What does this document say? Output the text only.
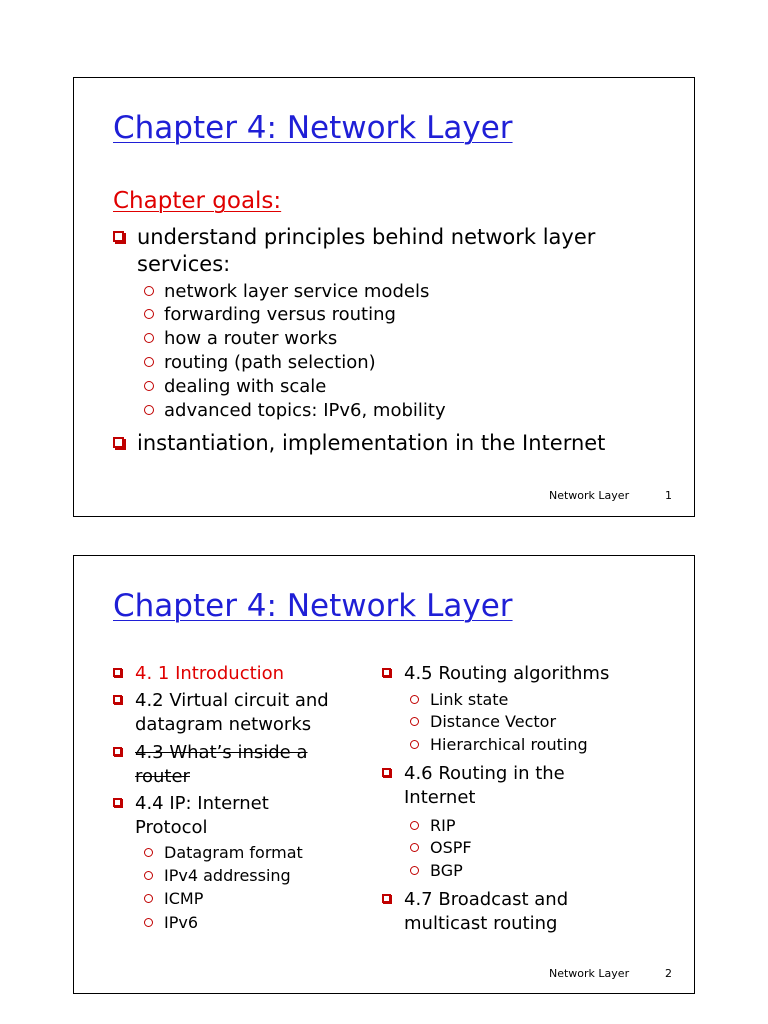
Chapter 4: Network Layer
Chapter goals:
understand principles behind network layer services:
network layer service models
forwarding versus routing
how a router works
routing (path selection)
dealing with scale
advanced topics: IPv6, mobility
instantiation, implementation in the Internet
Network Layer	1
Chapter 4: Network Layer
4. 1 Introduction
4.2 Virtual circuit and datagram networks
4.3 What’s inside a router
4.4 IP: Internet Protocol
Datagram format
IPv4 addressing
ICMP
IPv6
4.5 Routing algorithms
Link state
Distance Vector
Hierarchical routing
4.6 Routing in the Internet
RIP
OSPF
BGP
4.7 Broadcast and multicast routing
Network Layer	2
